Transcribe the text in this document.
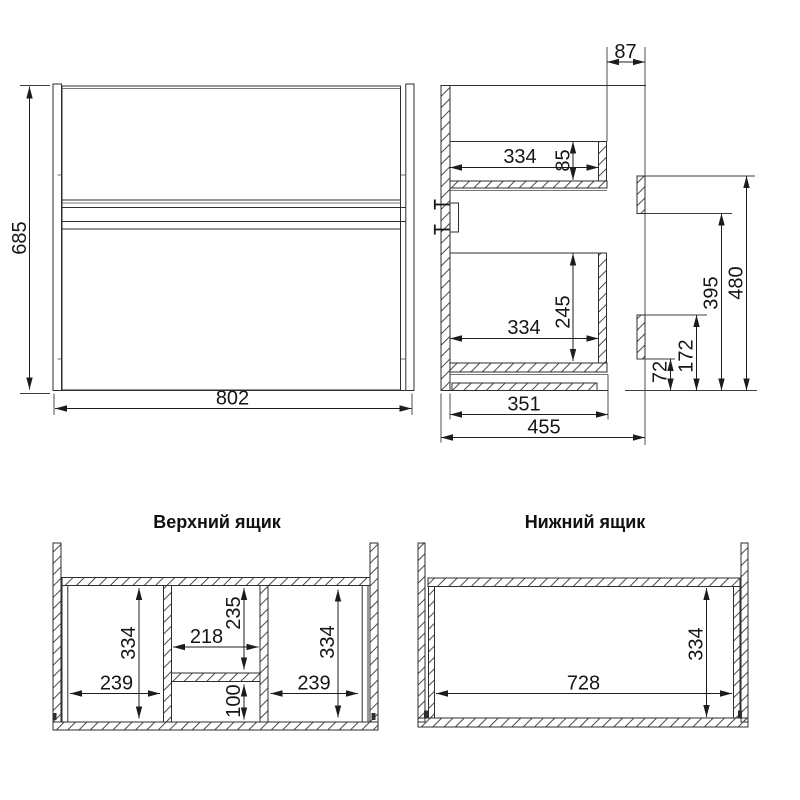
685
802
87
334 85
334 245
72 172
395 480
351
455
Верхний ящик
334
239
218
235
100
334
239
Нижний ящик
728
334
